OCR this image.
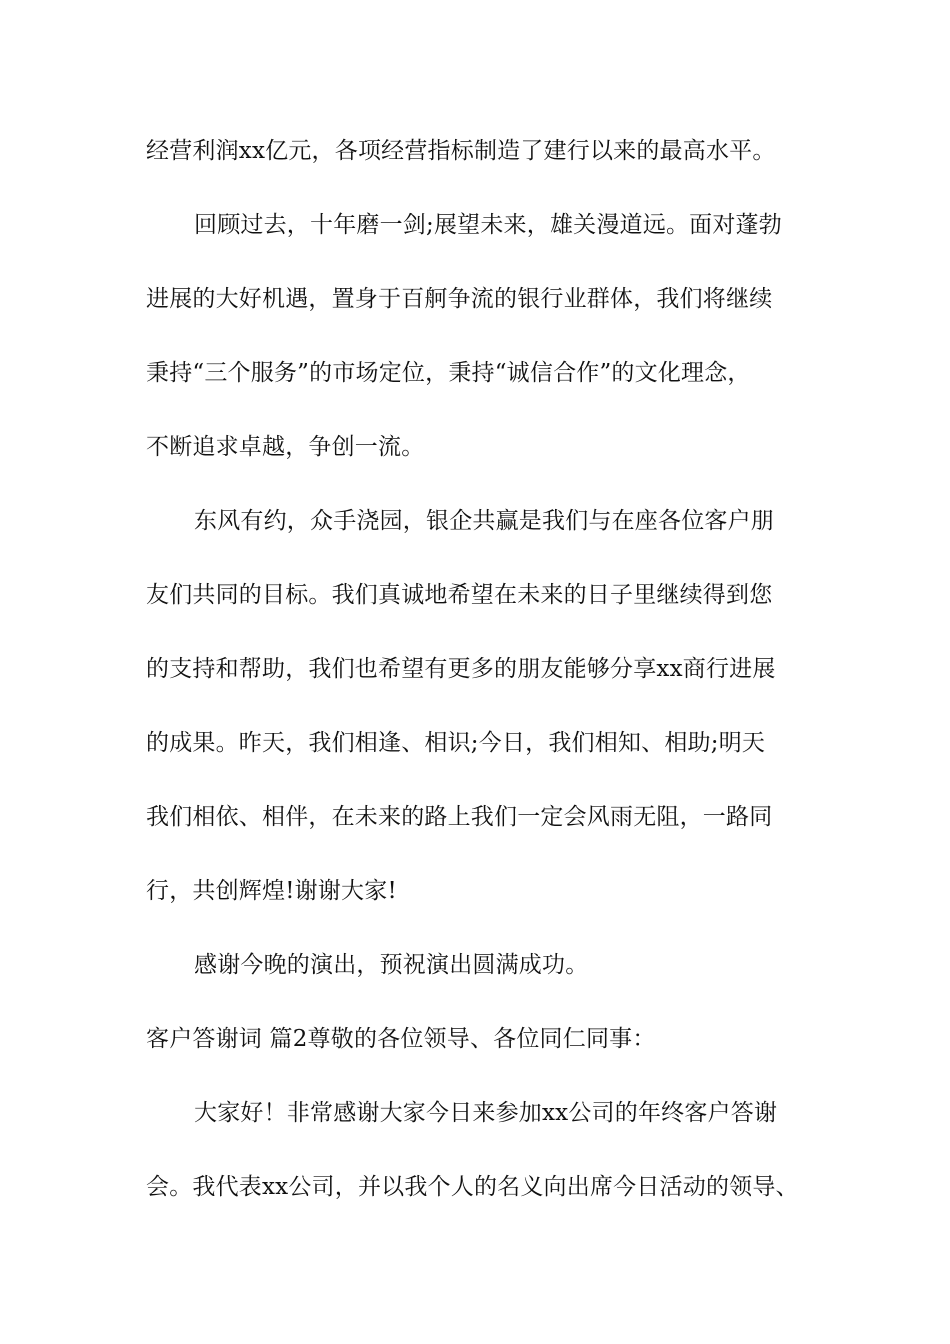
经营利润xx亿元，各项经营指标制造了建行以来的最高水平。
回顾过去，十年磨一剑;展望未来，雄关漫道远。面对蓬勃
进展的大好机遇，置身于百舸争流的银行业群体，我们将继续
秉持“三个服务”的市场定位，秉持“诚信合作”的文化理念，
不断追求卓越，争创一流。
东风有约，众手浇园，银企共赢是我们与在座各位客户朋
友们共同的目标。我们真诚地希望在未来的日子里继续得到您
的支持和帮助，我们也希望有更多的朋友能够分享xx商行进展
的成果。昨天，我们相逢、相识;今日，我们相知、相助;明天
我们相依、相伴，在未来的路上我们一定会风雨无阻，一路同
行，共创辉煌!谢谢大家!
感谢今晚的演出，预祝演出圆满成功。
客户答谢词 篇2尊敬的各位领导、各位同仁同事：
大家好！非常感谢大家今日来参加xx公司的年终客户答谢
会。我代表xx公司，并以我个人的名义向出席今日活动的领导、
